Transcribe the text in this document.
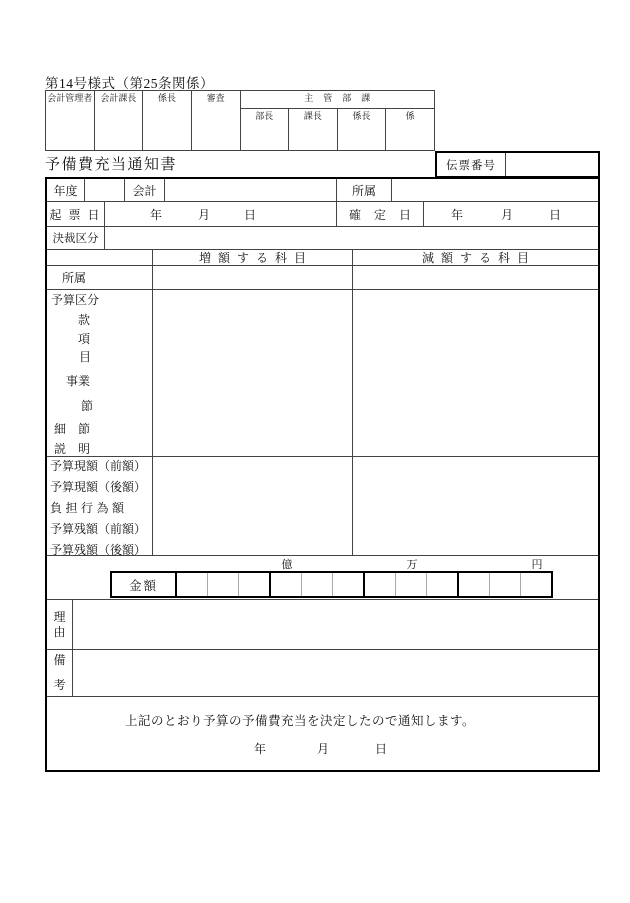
第14号様式（第25条関係）
会計管理者	会計課長	係長	審査	主管部課			
				部長	課長	係長	係
予備費充当通知書	伝票番号
年度	会計	所属
起 票 日	年	月	日	確 定 日	年	月	日
決裁区分
増額する科目	減額する科目
所属
予算区分
款
項
目
事業
節
細　節
説　明
予算現額（前額）
予算現額（後額）
負担行為額
予算残額（前額）
予算残額（後額）
億	万	円
金額
理由
備考
上記のとおり予算の予備費充当を決定したので通知します。
年	月	日
